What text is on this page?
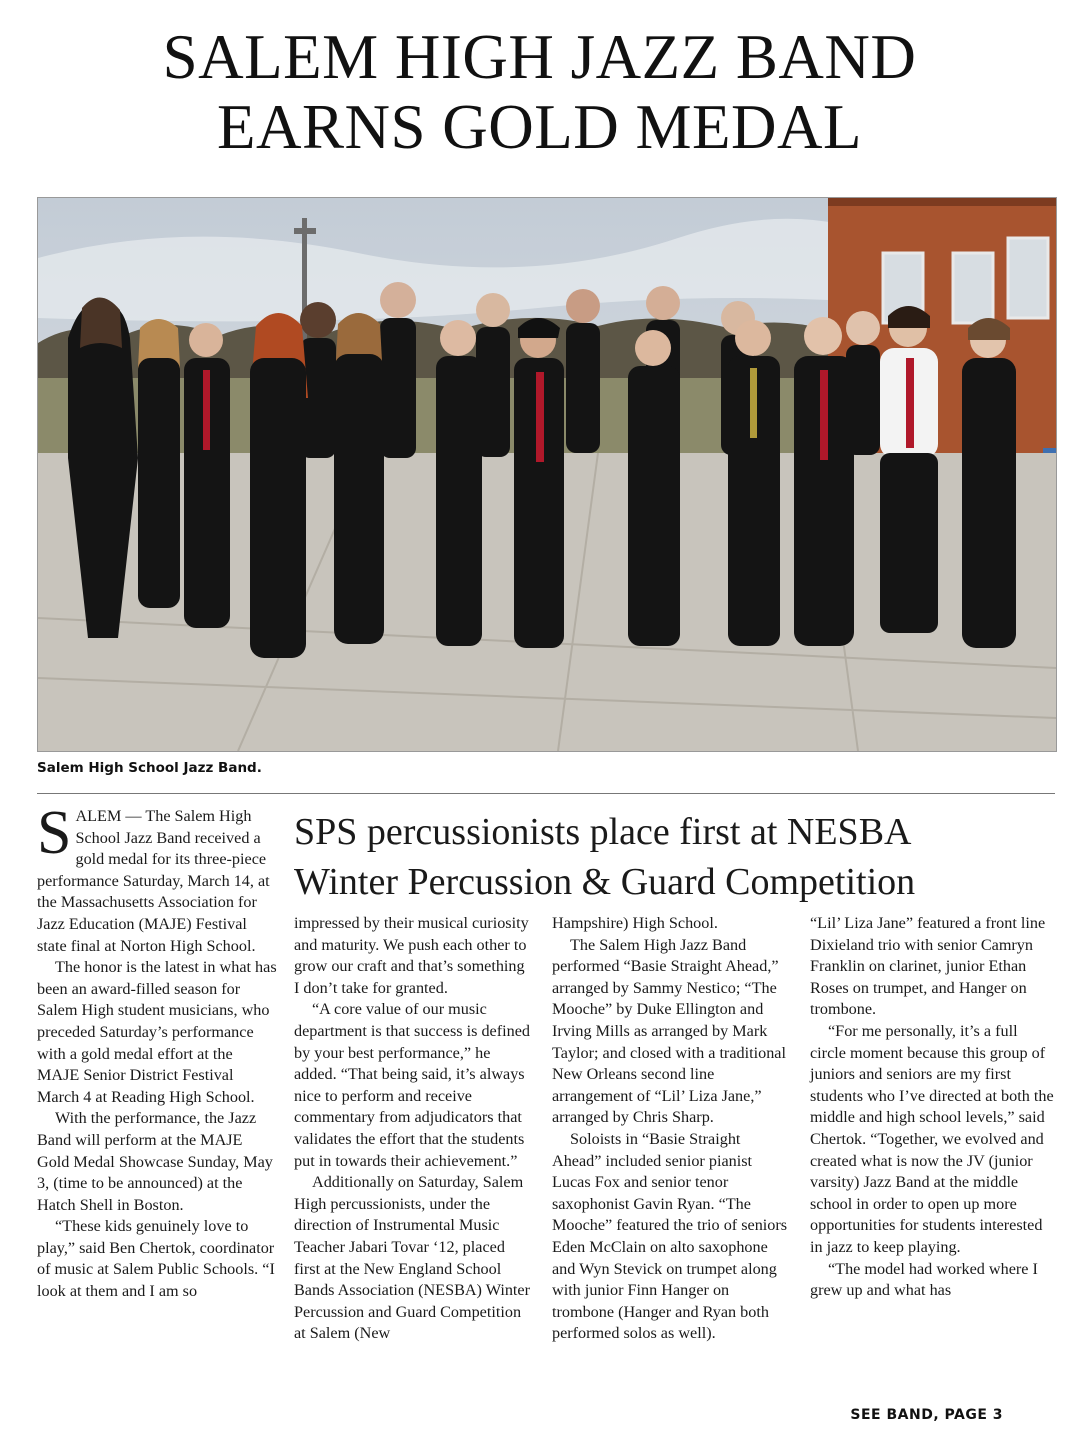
SALEM HIGH JAZZ BAND
EARNS GOLD MEDAL

Salem High School Jazz Band.

SALEM — The Salem High School Jazz Band received a gold medal for its three-piece performance Saturday, March 14, at the Massachusetts Association for Jazz Education (MAJE) Festival state final at Norton High School.

The honor is the latest in what has been an award-filled season for Salem High student musicians, who preceded Saturday’s performance with a gold medal effort at the MAJE Senior District Festival March 4 at Reading High School.

With the performance, the Jazz Band will perform at the MAJE Gold Medal Showcase Sunday, May 3, (time to be announced) at the Hatch Shell in Boston.

“These kids genuinely love to play,” said Ben Chertok, coordinator of music at Salem Public Schools. “I look at them and I am so

SPS percussionists place first at NESBA
Winter Percussion & Guard Competition

impressed by their musical curiosity and maturity. We push each other to grow our craft and that’s something I don’t take for granted.

“A core value of our music department is that success is defined by your best performance,” he added. “That being said, it’s always nice to perform and receive commentary from adjudicators that validates the effort that the students put in towards their achievement.”

Additionally on Saturday, Salem High percussionists, under the direction of Instrumental Music Teacher Jabari Tovar ‘12, placed first at the New England School Bands Association (NESBA) Winter Percussion and Guard Competition at Salem (New

Hampshire) High School.

The Salem High Jazz Band performed “Basie Straight Ahead,” arranged by Sammy Nestico; “The Mooche” by Duke Ellington and Irving Mills as arranged by Mark Taylor; and closed with a traditional New Orleans second line arrangement of “Lil’ Liza Jane,” arranged by Chris Sharp.

Soloists in “Basie Straight Ahead” included senior pianist Lucas Fox and senior tenor saxophonist Gavin Ryan. “The Mooche” featured the trio of seniors Eden McClain on alto saxophone and Wyn Stevick on trumpet along with junior Finn Hanger on trombone (Hanger and Ryan both performed solos as well).

“Lil’ Liza Jane” featured a front line Dixieland trio with senior Camryn Franklin on clarinet, junior Ethan Roses on trumpet, and Hanger on trombone.

“For me personally, it’s a full circle moment because this group of juniors and seniors are my first students who I’ve directed at both the middle and high school levels,” said Chertok. “Together, we evolved and created what is now the JV (junior varsity) Jazz Band at the middle school in order to open up more opportunities for students interested in jazz to keep playing.

“The model had worked where I grew up and what has

SEE BAND, PAGE 3
